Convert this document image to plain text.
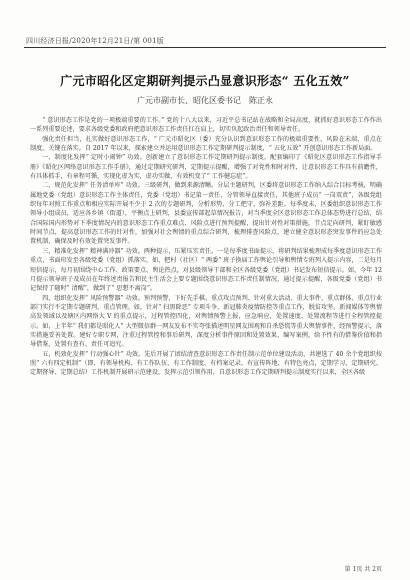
四川经济日报/2020年12月21日/第 001版
广元市昭化区定期研判提示凸显意识形态“ 五化五效”
广元市副市长、昭化区委书记　陈正永

“ 意识形态工作是党的一项极端重要的工作。” 党的十八大以来，习近平总书记站在战略和全局高度，就抓好意识形态工作作出一系列重要论述，要求各级党委和政府把意识形态工作责任扛在肩上，切实负起政治责任和领导责任。

强化责任担当，扎实做好意识形态工作，“ 广元市昭化区（委）充分认识到意识形态工作的极端重要性，风险在末端，重点在制度，关键在落实。自 2017 年以来，探索建立并运用意识形态工作定期研判提示制度，“ 五化五效” 开创意识形态工作新局面。

一、制度化发挥“ 定时小闹钟” 功效。创新建立了意识形态工作定期研判提示制度，配套编印了《昭化区意识形态工作指导手册》《昭化区网络意识形态工作手册》，通过定期研究研判，定期提示提醒，增强了对党性和时对性，让意识形态工作具有前瞻性，有具体抓手，有章程可循，实现化虚为实，虚功实做，有效机变了“ 工作健忘症”。

二、规范化发挥“ 任务清单库” 功效。三级研判，做到来源清晰。分层主题研判，区委将意识形态工作纳入综合目标考核，明确属地党委（党组）意识形态工作主体责任，党委（党组）书记第一责任，分管领导直接责任，其他班子成员“ 一岗双责”，各级党组织每年对照工作重点和相应实际开展不少于 2 次的专题研判，分析形势、分工把守、弥补差距。每季度末，区委组织意识形态工作领导小组成员，适应各乡镇（街道），平衡点上研判，县委宣传部起草情况报告，对当季度全区意识形态工作总体态势进行总结，结合国际国内形势对下季度情况内的意识形态工作重点难点、风险点进行预判提醒，提出针对性对策措施，节点定向研判，紧盯敏感时间节点，提高意识形态工作的针对性，加强对社会舆情的重点综合研判，梳理排查风险点，建立健全意识形态突发事件的应急处置机制，确保及时有效处置突发事件。

三、精准化发挥“ 精神满冲器” 功效。两种提示，压紧压实责任。一是每季度书面提示，将研判结果梳理成每季度意识形态工作重点，书面印发至各级党委（党组）抓落实，如，把村（社区）“ 两委” 班子换届工作舆论引导和舆情专班列入提示内容，二是每月短信提示，每月初围绕中心工作、政策要点、舆论热点，对县级领导干部和全区各级党委（党组）书记发布短信提示。如，今年 12 月提示领导班子及成员在年终述责报告和民主生活会上要专题围绕意识形态工作责任制情况，通过提示提醒，各级党委（党组）书记保持了随时“ 清醒”，做到了“ 思想不离岗”。

四、组织化发挥“ 风险预警器” 功效。预判预警、下好先手棋、重点攻点预判、针对重大活动、重大事件、重点群体、重点行业部门实行不定期专题研判，重点管理。如，针对“ 扫黑除恶” 专项斗争、新冠肺炎疫情防控等重点工作，脱贫攻坚、新闻媒体等舆情高发领域以及辖区内网络大 V 的重点提示，过程管控四化，对舆情预警上报，应急响应，处置速度、处置流程等进行全程管控提示。如，上半年“ 我们都是昭化人” 大型微信群一网友发布不实夸张描述明星网友围观和自杀恐慌等重大舆情事件，经预警提示，落实措施妥善处置。建好专职专网，注重过程管控和事后研判，深度分析事件原因和处置效果，编写案例，给予性有的借鉴价值和指导借鉴，处置有查有、责任可追究。

五、机效化发挥“ 行动强心针” 功效。先后开展了团结清查意识形态工作责任制示范单位建设活动，共建选了 40 余个党组织按照“ 六有四定机制”（即，有领导机构、有工作队伍、有工作制度、有档案记录、有宣传阵地、有特色亮点，定期学习、定期研究、定期督导、定期总结）工作机制开展研示范建设，发挥示范引领作用，自意识形态工作定期研判提示制度实行以来，全区各级

第 1页 共 2页
